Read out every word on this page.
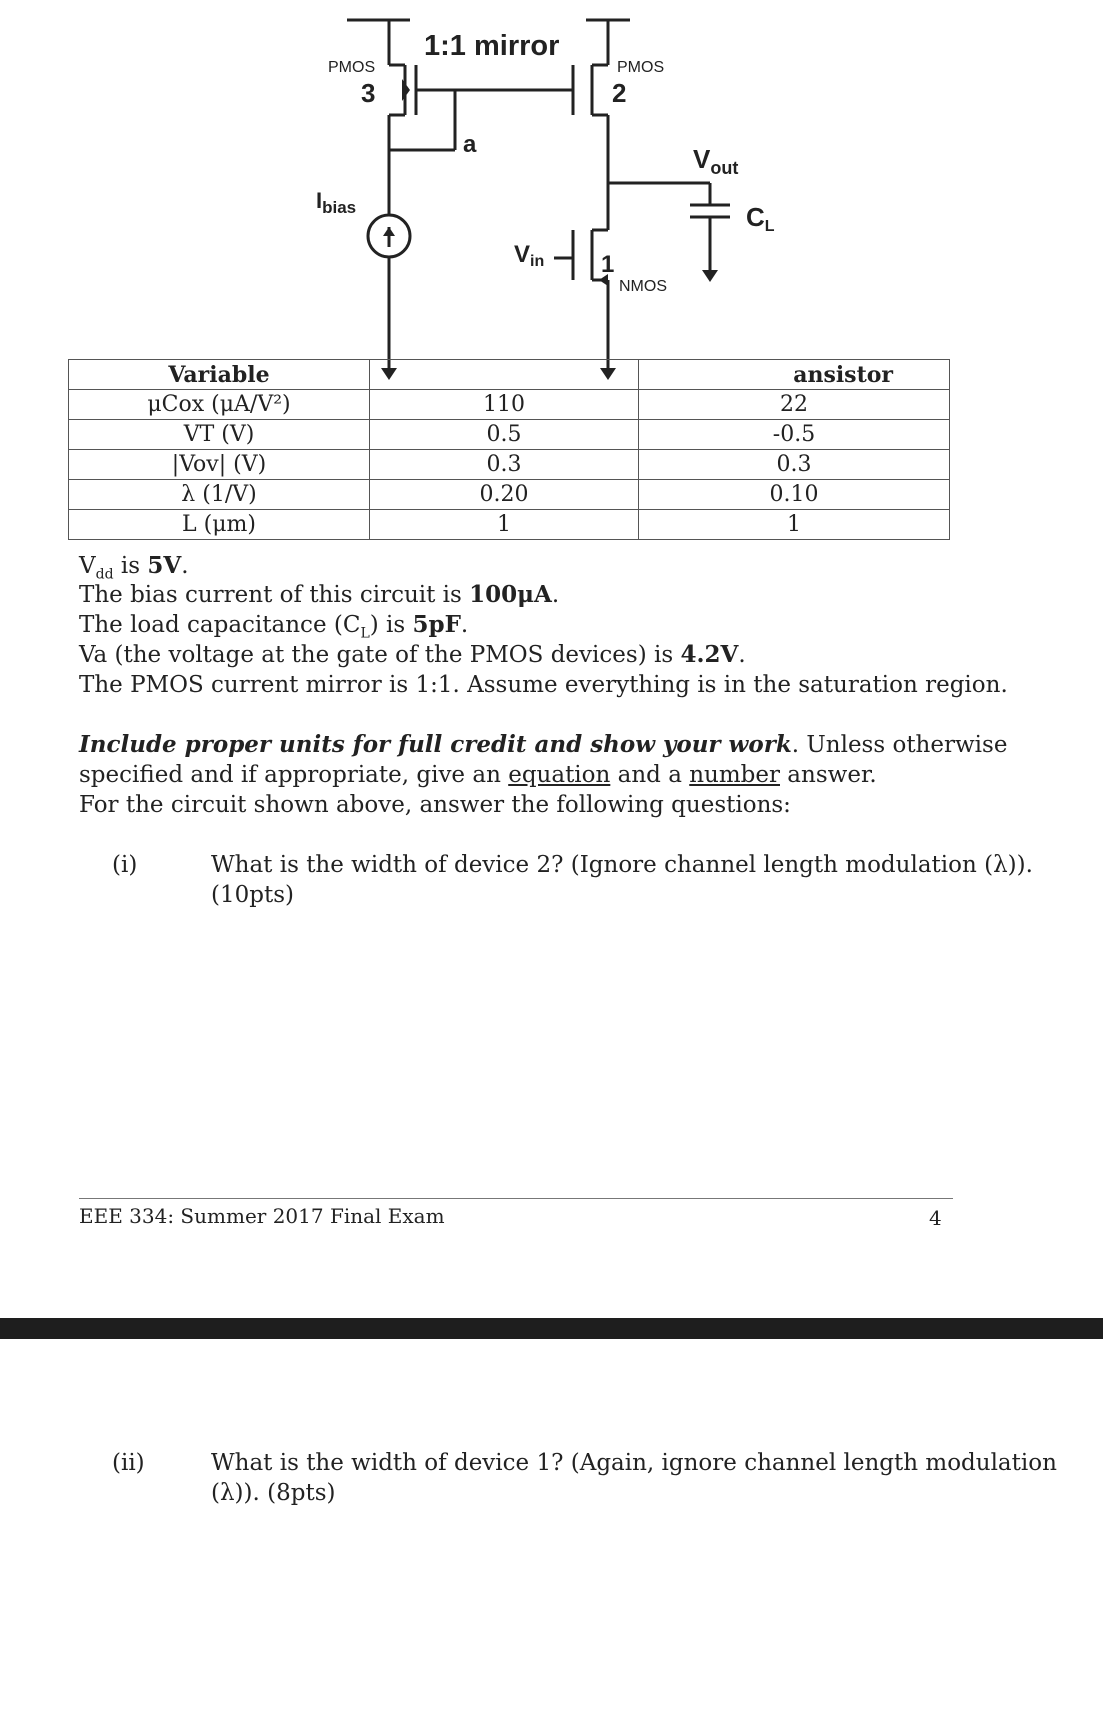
1:1 mirror
PMOS
3
PMOS
2
a	$V_{out}$
CL
$I_{bias}$
Vin 1
NMOS
Variable		ansistor
μCox (μA/V²)	110	22
VT (V)	0.5	-0.5
|Vov| (V)	0.3	0.3
λ (1/V)	0.20	0.10
L (μm)	1	1
$V_{dd}$ is 5V.
The bias current of this circuit is 100μA.
The load capacitance $(C_L)$ is 5pF.
Va (the voltage at the gate of the PMOS devices) is 4.2V.
The PMOS current mirror is 1:1. Assume everything is in the saturation region.
Include proper units for full credit and show your work. Unless otherwise
specified and if appropriate, give an equation and a number answer.
For the circuit shown above, answer the following questions:
(i)	What is the width of device 2? (Ignore channel length modulation (λ)).
(10pts)
EEE 334: Summer 2017 Final Exam	4
(ii)	What is the width of device 1? (Again, ignore channel length modulation
(λ)). (8pts)
